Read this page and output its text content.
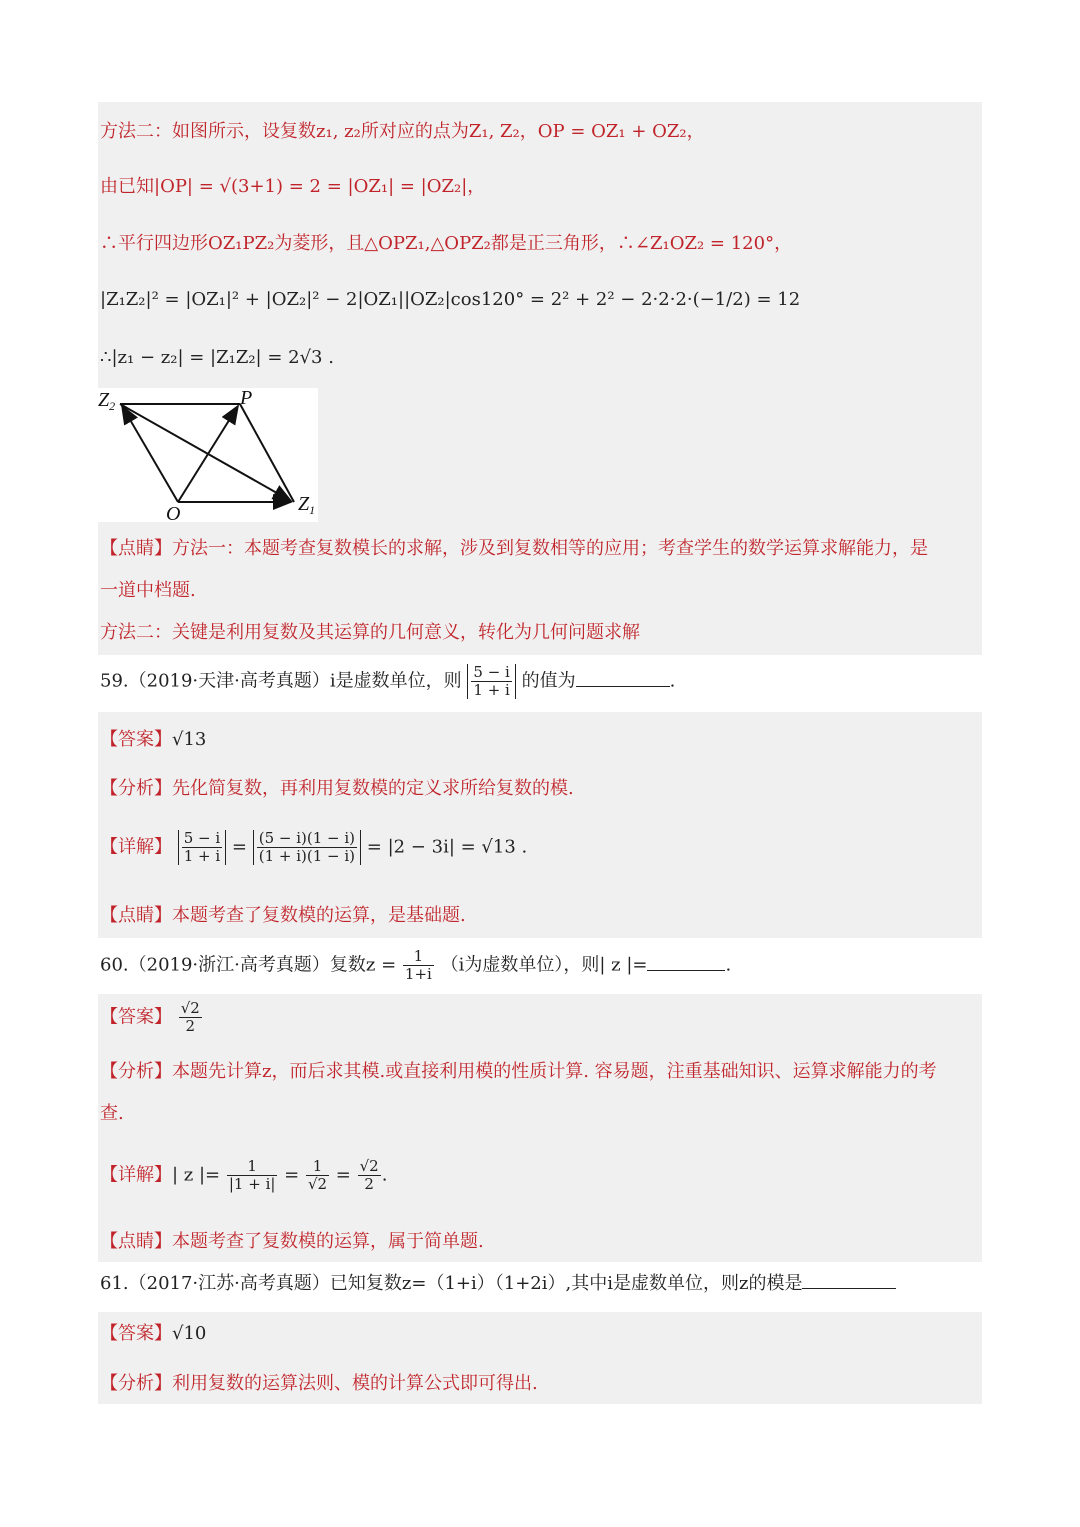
方法二：如图所示，设复数z₁, z₂所对应的点为Z₁, Z₂，OP = OZ₁ + OZ₂，
由已知|OP| = √(3+1) = 2 = |OZ₁| = |OZ₂|，
∴平行四边形OZ₁PZ₂为菱形，且△OPZ₁,△OPZ₂都是正三角形，∴∠Z₁OZ₂ = 120°，
|Z₁Z₂|² = |OZ₁|² + |OZ₂|² − 2|OZ₁||OZ₂|cos120° = 2² + 2² − 2·2·2·(−1/2) = 12
∴|z₁ − z₂| = |Z₁Z₂| = 2√3 .
$Z_2$	P
O	$Z_1$
【点睛】方法一：本题考查复数模长的求解，涉及到复数相等的应用；考查学生的数学运算求解能力，是
一道中档题.
方法二：关键是利用复数及其运算的几何意义，转化为几何问题求解
59.（2019·天津·高考真题）i是虚数单位，则 $\frac{5 - i}{1 + i}$ 的值为	.
【答案】√13
【分析】先化简复数，再利用复数模的定义求所给复数的模.
【详解】 $\frac{5 - i}{1 + i} = \frac{(5 - i)(1 - i)}{(1 + i)(1 - i)} = |2 - 3i| = √13$ .
【点睛】本题考查了复数模的运算，是基础题.
60.（2019·浙江·高考真题）复数$z = \frac{1}{1+i} (i$为虚数单位），则| z |=	.
【答案】 $\frac{√2}{2}$
【分析】本题先计算z，而后求其模.或直接利用模的性质计算. 容易题，注重基础知识、运算求解能力的考
查.
【详解】| z |= $\frac{1}{|1 + i|} = \frac{1}{√2} = \frac{√2}{2}$ .
【点睛】本题考查了复数模的运算，属于简单题.
61.（2017·江苏·高考真题）已知复数z=（1+i）（1+2i）,其中i是虚数单位，则z的模是
【答案】√10
【分析】利用复数的运算法则、模的计算公式即可得出.
